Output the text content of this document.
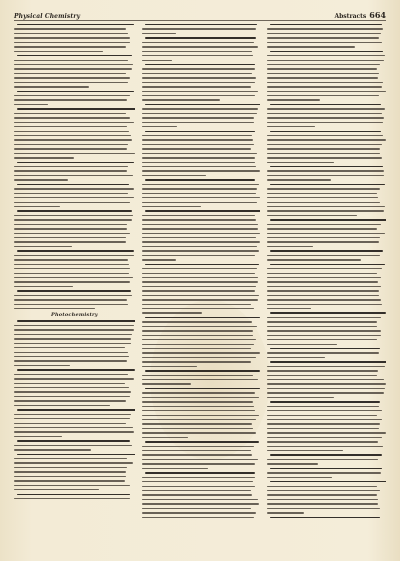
Physical Chemistry	Abstracts 664
Photochemistry
